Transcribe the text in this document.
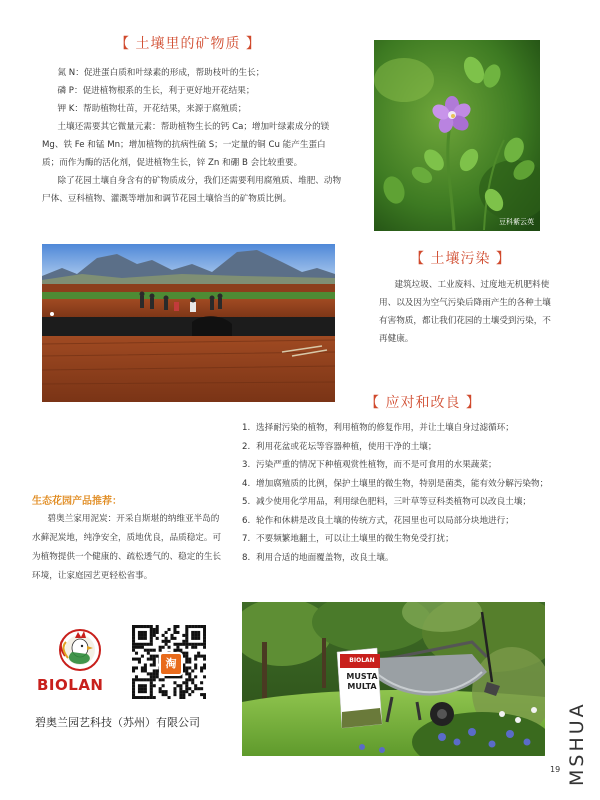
【 土壤里的矿物质 】

氮 N：促进蛋白质和叶绿素的形成，帮助枝叶的生长；

磷 P：促进植物根系的生长，利于更好地开花结果；

钾 K：帮助植物壮苗，开花结果，来源于腐殖质；

土壤还需要其它微量元素：帮助植物生长的钙 Ca；增加叶绿素成分的镁 Mg、铁 Fe 和锰 Mn；增加植物的抗病性硫 S；一定量的铜 Cu 能产生蛋白质；而作为酶的活化剂，促进植物生长，锌 Zn 和硼 B 会比较重要。

除了花园土壤自身含有的矿物质成分，我们还需要利用腐殖质、堆肥、动物尸体、豆科植物、灌溉等增加和调节花园土壤恰当的矿物质比例。

豆科紫云英
【 土壤污染 】

建筑垃圾、工业废料、过度地无机肥料使用、以及因为空气污染后降雨产生的各种土壤有害物质，都让我们花园的土壤受到污染，不再健康。

【 应对和改良 】
1. 选择耐污染的植物，利用植物的修复作用，并让土壤自身过滤循环；
2. 利用花盆或花坛等容器种植，使用干净的土壤；
3. 污染严重的情况下种植观赏性植物，而不是可食用的水果蔬菜；
4. 增加腐殖质的比例，保护土壤里的微生物，特别是菌类，能有效分解污染物；
5. 减少使用化学用品，利用绿色肥料，三叶草等豆科类植物可以改良土壤；
6. 轮作和休耕是改良土壤的传统方式，花园里也可以局部分块地进行；
7. 不要频繁地翻土，可以让土壤里的微生物免受打扰；
8. 利用合适的地面覆盖物，改良土壤。
生态花园产品推荐：

碧奥兰家用泥炭：开采自斯堪的纳维亚半岛的水藓泥炭地，纯净安全，质地优良，品质稳定。可为植物提供一个健康的、疏松透气的、稳定的生长环境，让家庭园艺更轻松省事。

BIOLAN
淘
碧奥兰园艺科技（苏州）有限公司
BIOLAN
MUSTA
MULTA
19 MSHUA
